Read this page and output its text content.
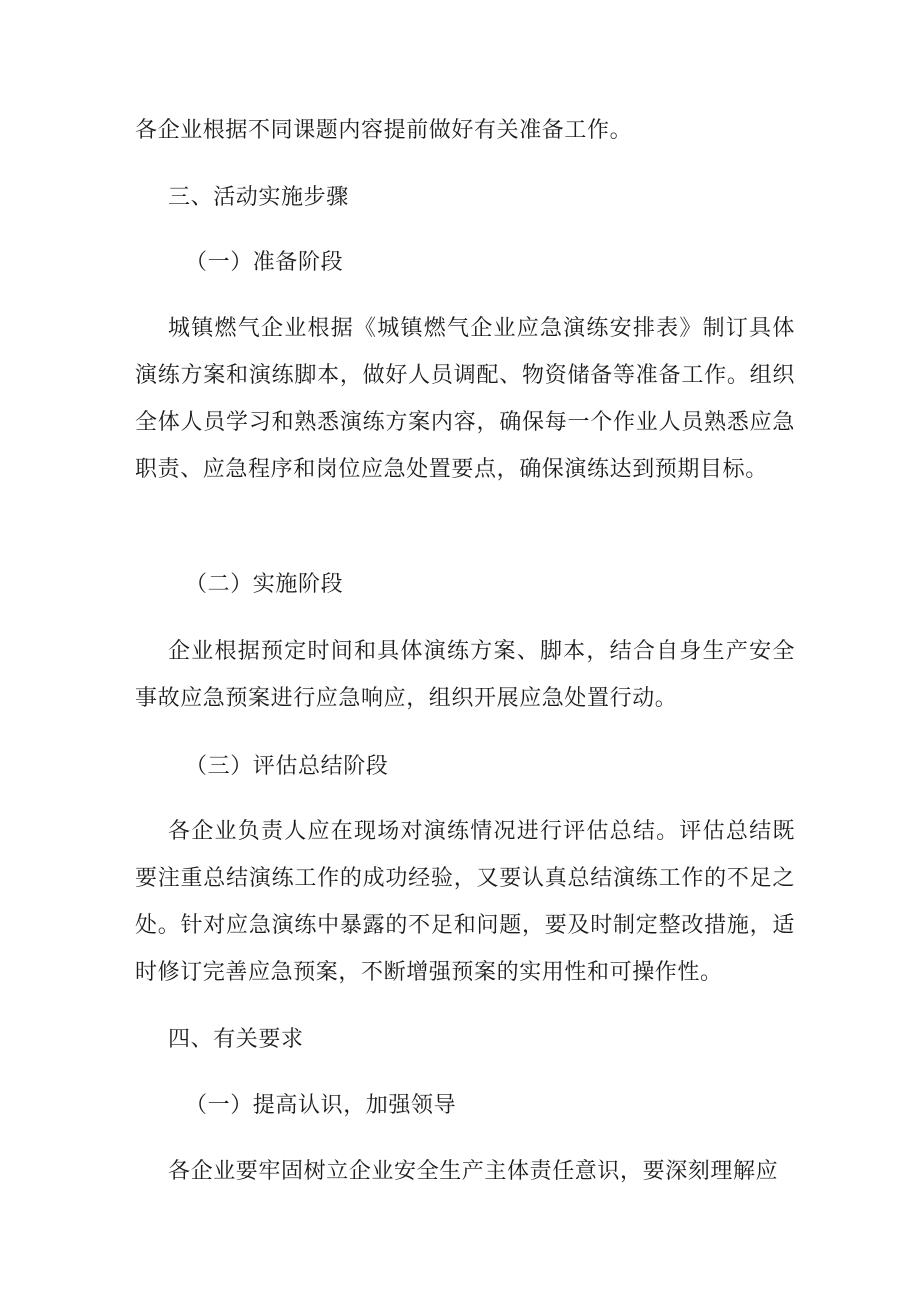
各企业根据不同课题内容提前做好有关准备工作。
三、活动实施步骤
（一）准备阶段
城镇燃气企业根据《城镇燃气企业应急演练安排表》制订具体演练方案和演练脚本，做好人员调配、物资储备等准备工作。组织全体人员学习和熟悉演练方案内容，确保每一个作业人员熟悉应急职责、应急程序和岗位应急处置要点，确保演练达到预期目标。
（二）实施阶段
企业根据预定时间和具体演练方案、脚本，结合自身生产安全事故应急预案进行应急响应，组织开展应急处置行动。
（三）评估总结阶段
各企业负责人应在现场对演练情况进行评估总结。评估总结既要注重总结演练工作的成功经验，又要认真总结演练工作的不足之处。针对应急演练中暴露的不足和问题，要及时制定整改措施，适时修订完善应急预案，不断增强预案的实用性和可操作性。
四、有关要求
（一）提高认识，加强领导
各企业要牢固树立企业安全生产主体责任意识，要深刻理解应
